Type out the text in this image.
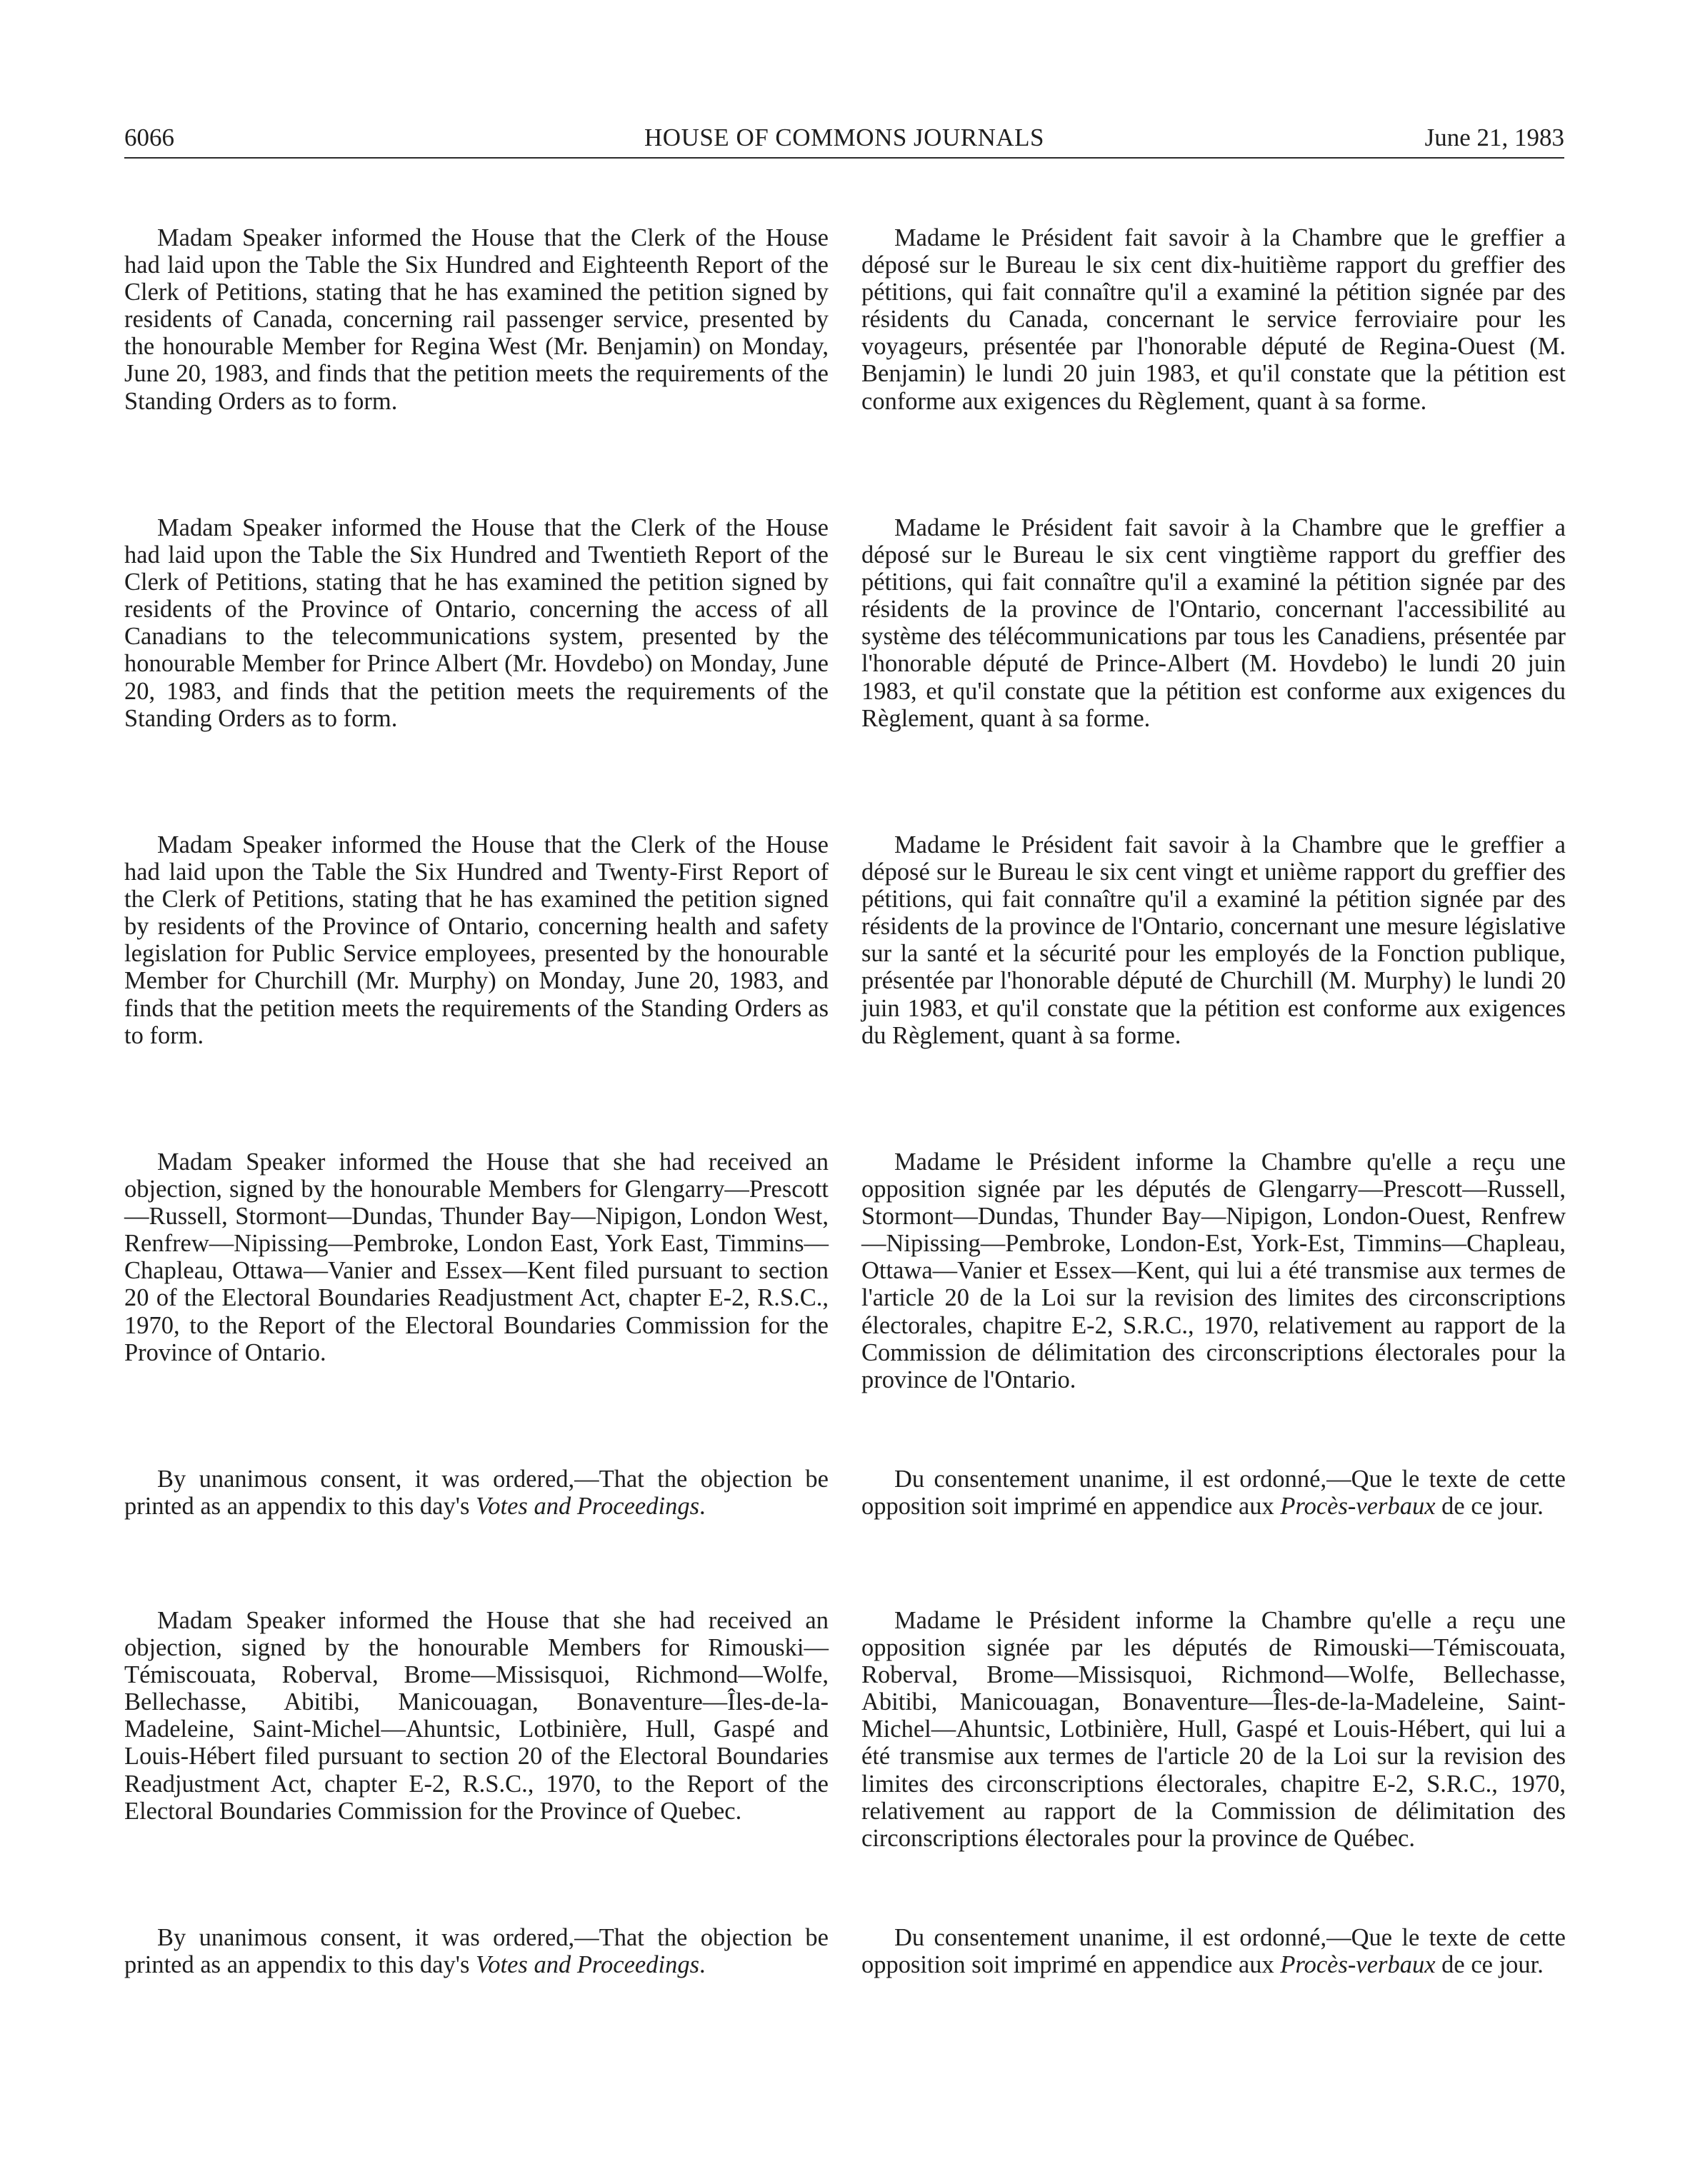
6066	HOUSE OF COMMONS JOURNALS	June 21, 1983

Madam Speaker informed the House that the Clerk of the House had laid upon the Table the Six Hundred and Eighteenth Report of the Clerk of Petitions, stating that he has examined the petition signed by residents of Canada, concerning rail passenger service, presented by the honourable Member for Regina West (Mr. Benjamin) on Monday, June 20, 1983, and finds that the petition meets the requirements of the Standing Orders as to form.

Madam Speaker informed the House that the Clerk of the House had laid upon the Table the Six Hundred and Twentieth Report of the Clerk of Petitions, stating that he has examined the petition signed by residents of the Province of Ontario, concerning the access of all Canadians to the telecommunications system, presented by the honourable Member for Prince Albert (Mr. Hovdebo) on Monday, June 20, 1983, and finds that the petition meets the requirements of the Standing Orders as to form.

Madam Speaker informed the House that the Clerk of the House had laid upon the Table the Six Hundred and Twenty-First Report of the Clerk of Petitions, stating that he has examined the petition signed by residents of the Province of Ontario, concerning health and safety legislation for Public Service employees, presented by the honourable Member for Churchill (Mr. Murphy) on Monday, June 20, 1983, and finds that the petition meets the requirements of the Standing Orders as to form.

Madam Speaker informed the House that she had received an objection, signed by the honourable Members for Glengarry—Prescott—Russell, Stormont—Dundas, Thunder Bay—Nipigon, London West, Renfrew—Nipissing—Pembroke, London East, York East, Timmins—Chapleau, Ottawa—Vanier and Essex—Kent filed pursuant to section 20 of the Electoral Boundaries Readjustment Act, chapter E-2, R.S.C., 1970, to the Report of the Electoral Boundaries Commission for the Province of Ontario.

By unanimous consent, it was ordered,—That the objection be printed as an appendix to this day's Votes and Proceedings.

Madam Speaker informed the House that she had received an objection, signed by the honourable Members for Rimouski—Témiscouata, Roberval, Brome—Missisquoi, Richmond—Wolfe, Bellechasse, Abitibi, Manicouagan, Bonaventure—Îles-de-la-Madeleine, Saint-Michel—Ahuntsic, Lotbinière, Hull, Gaspé and Louis-Hébert filed pursuant to section 20 of the Electoral Boundaries Readjustment Act, chapter E-2, R.S.C., 1970, to the Report of the Electoral Boundaries Commission for the Province of Quebec.

By unanimous consent, it was ordered,—That the objection be printed as an appendix to this day's Votes and Proceedings.

Madame le Président fait savoir à la Chambre que le greffier a déposé sur le Bureau le six cent dix-huitième rapport du greffier des pétitions, qui fait connaître qu'il a examiné la pétition signée par des résidents du Canada, concernant le service ferroviaire pour les voyageurs, présentée par l'honorable député de Regina-Ouest (M. Benjamin) le lundi 20 juin 1983, et qu'il constate que la pétition est conforme aux exigences du Règlement, quant à sa forme.

Madame le Président fait savoir à la Chambre que le greffier a déposé sur le Bureau le six cent vingtième rapport du greffier des pétitions, qui fait connaître qu'il a examiné la pétition signée par des résidents de la province de l'Ontario, concernant l'accessibilité au système des télécommunications par tous les Canadiens, présentée par l'honorable député de Prince-Albert (M. Hovdebo) le lundi 20 juin 1983, et qu'il constate que la pétition est conforme aux exigences du Règlement, quant à sa forme.

Madame le Président fait savoir à la Chambre que le greffier a déposé sur le Bureau le six cent vingt et unième rapport du greffier des pétitions, qui fait connaître qu'il a examiné la pétition signée par des résidents de la province de l'Ontario, concernant une mesure législative sur la santé et la sécurité pour les employés de la Fonction publique, présentée par l'honorable député de Churchill (M. Murphy) le lundi 20 juin 1983, et qu'il constate que la pétition est conforme aux exigences du Règlement, quant à sa forme.

Madame le Président informe la Chambre qu'elle a reçu une opposition signée par les députés de Glengarry—Prescott—Russell, Stormont—Dundas, Thunder Bay—Nipigon, London-Ouest, Renfrew—Nipissing—Pembroke, London-Est, York-Est, Timmins—Chapleau, Ottawa—Vanier et Essex—Kent, qui lui a été transmise aux termes de l'article 20 de la Loi sur la revision des limites des circonscriptions électorales, chapitre E-2, S.R.C., 1970, relativement au rapport de la Commission de délimitation des circonscriptions électorales pour la province de l'Ontario.

Du consentement unanime, il est ordonné,—Que le texte de cette opposition soit imprimé en appendice aux Procès-verbaux de ce jour.

Madame le Président informe la Chambre qu'elle a reçu une opposition signée par les députés de Rimouski—Témiscouata, Roberval, Brome—Missisquoi, Richmond—Wolfe, Bellechasse, Abitibi, Manicouagan, Bonaventure—Îles-de-la-Madeleine, Saint-Michel—Ahuntsic, Lotbinière, Hull, Gaspé et Louis-Hébert, qui lui a été transmise aux termes de l'article 20 de la Loi sur la revision des limites des circonscriptions électorales, chapitre E-2, S.R.C., 1970, relativement au rapport de la Commission de délimitation des circonscriptions électorales pour la province de Québec.

Du consentement unanime, il est ordonné,—Que le texte de cette opposition soit imprimé en appendice aux Procès-verbaux de ce jour.
